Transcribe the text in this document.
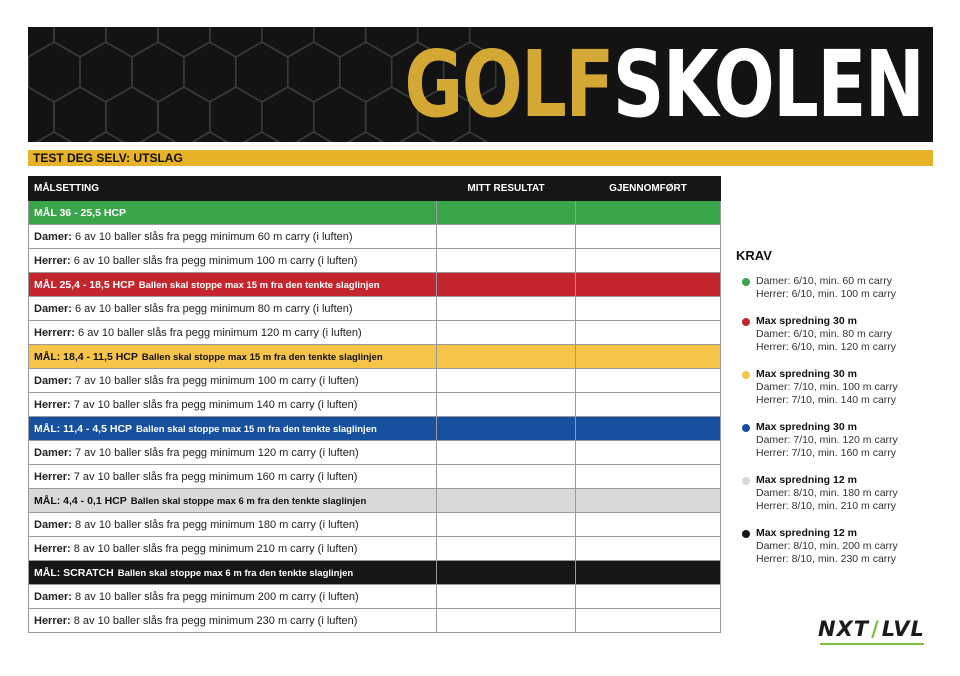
GOLFSKOLEN
TEST DEG SELV: UTSLAG
MÅLSETTING	MITT RESULTAT	GJENNOMFØRT
MÅL 36 - 25,5 HCP		
Damer: 6 av 10 baller slås fra pegg minimum 60 m carry (i luften)		
Herrer: 6 av 10 baller slås fra pegg minimum 100 m carry (i luften)		
MÅL 25,4 - 18,5 HCP Ballen skal stoppe max 15 m fra den tenkte slaglinjen		
Damer: 6 av 10 baller slås fra pegg minimum 80 m carry (i luften)		
Herrerr: 6 av 10 baller slås fra pegg minimum 120 m carry (i luften)		
MÅL: 18,4 - 11,5 HCP Ballen skal stoppe max 15 m fra den tenkte slaglinjen		
Damer: 7 av 10 baller slås fra pegg minimum 100 m carry (i luften)		
Herrer: 7 av 10 baller slås fra pegg minimum 140 m carry (i luften)		
MÅL: 11,4 - 4,5 HCP Ballen skal stoppe max 15 m fra den tenkte slaglinjen		
Damer: 7 av 10 baller slås fra pegg minimum 120 m carry (i luften)		
Herrer: 7 av 10 baller slås fra pegg minimum 160 m carry (i luften)		
MÅL: 4,4 - 0,1 HCP Ballen skal stoppe max 6 m fra den tenkte slaglinjen		
Damer: 8 av 10 baller slås fra pegg minimum 180 m carry (i luften)		
Herrer: 8 av 10 baller slås fra pegg minimum 210 m carry (i luften)		
MÅL: SCRATCH Ballen skal stoppe max 6 m fra den tenkte slaglinjen		
Damer: 8 av 10 baller slås fra pegg minimum 200 m carry (i luften)		
Herrer: 8 av 10 baller slås fra pegg minimum 230 m carry (i luften)		
KRAV
Damer: 6/10, min. 60 m carry
Herrer: 6/10, min. 100 m carry
Max spredning 30 m
Damer: 6/10, min. 80 m carry
Herrer: 6/10, min. 120 m carry
Max spredning 30 m
Damer: 7/10, min. 100 m carry
Herrer: 7/10, min. 140 m carry
Max spredning 30 m
Damer: 7/10, min. 120 m carry
Herrer: 7/10, min. 160 m carry
Max spredning 12 m
Damer: 8/10, min. 180 m carry
Herrer: 8/10, min. 210 m carry
Max spredning 12 m
Damer: 8/10, min. 200 m carry
Herrer: 8/10, min. 230 m carry
NXT/LVL
